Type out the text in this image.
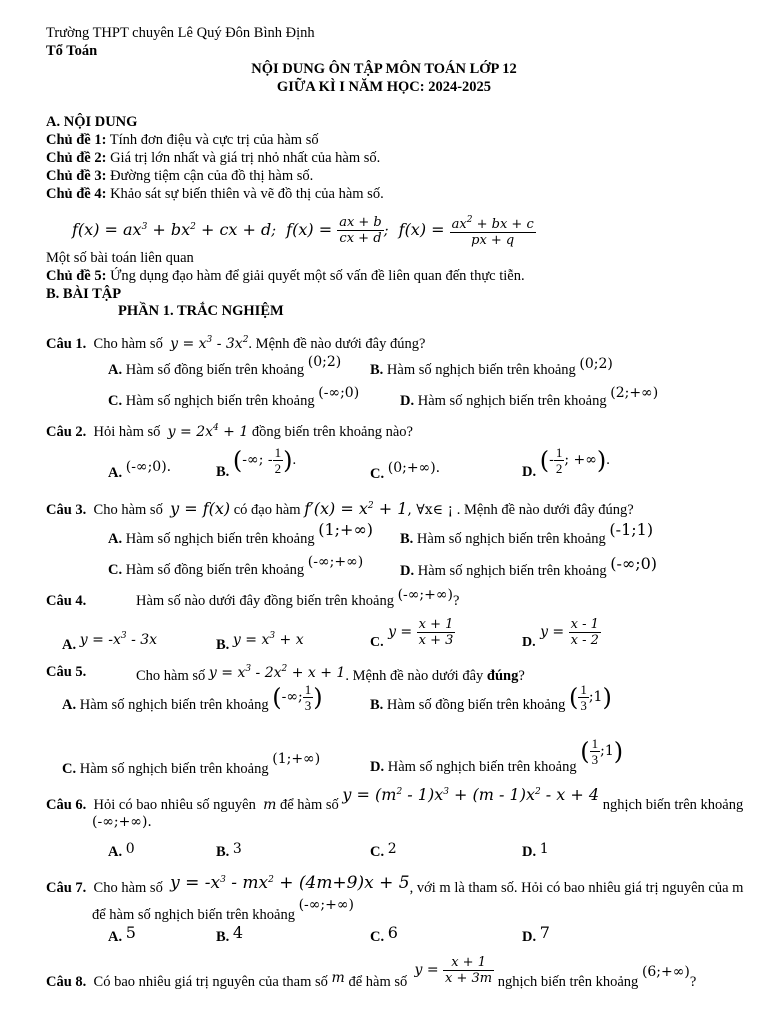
Trường THPT chuyên Lê Quý Đôn Bình Định
Tổ Toán
NỘI DUNG ÔN TẬP MÔN TOÁN LỚP 12
GIỮA KÌ I NĂM HỌC: 2024-2025
A. NỘI DUNG
Chủ đề 1: Tính đơn điệu và cực trị của hàm số
Chủ đề 2: Giá trị lớn nhất và giá trị nhỏ nhất của hàm số.
Chủ đề 3: Đường tiệm cận của đồ thị hàm số.
Chủ đề 4: Khảo sát sự biến thiên và vẽ đồ thị của hàm số.
$f(x) = ax^3 + bx^2$ + cx + d;  $f(x) = \frac{ax + b}{cx + d}$ ;  $f(x) = \frac{ax^2 + bx + c}{px + q}$
Một số bài toán liên quan
Chủ đề 5: Ứng dụng đạo hàm để giải quyết một số vấn đề liên quan đến thực tiễn.
B. BÀI TẬP
PHẦN 1. TRẮC NGHIỆM
Câu 1. Cho hàm số $y = x^3 - 3x^2$. Mệnh đề nào dưới đây đúng?
A. Hàm số đồng biến trên khoảng (0;2) B. Hàm số nghịch biến trên khoảng (0;2)
C. Hàm số nghịch biến trên khoảng (-∞;0)	D. Hàm số nghịch biến trên khoảng (2;+∞)
Câu 2. Hỏi hàm số $y = 2x^4 + 1$ đồng biến trên khoảng nào?
A. (-∞;0).	B. (-∞; - $\frac{1}{2}$ ).
C. (0;+∞).	D. (- $\frac{1}{2}$ ; +∞).
Câu 3. Cho hàm số y = f(x) có đạo hàm $f'(x) = x^2 + 1$, ∀x∈ ¡ . Mệnh đề nào dưới đây đúng?
A. Hàm số nghịch biến trên khoảng (1;+∞) B. Hàm số nghịch biến trên khoảng (-1;1)
C. Hàm số đồng biến trên khoảng (-∞;+∞)
D. Hàm số nghịch biến trên khoảng (-∞;0)
Câu 4.	Hàm số nào dưới đây đồng biến trên khoảng (-∞;+∞)?
A. $y = -x^3 - 3x$	B. $y = x^3 + x$	C. $y = \frac{x + 1}{x + 3}$	D. $y = \frac{x - 1}{x - 2}$
Câu 5.	Cho hàm số $y = x^3 - 2x^2 + x + 1$. Mệnh đề nào dưới đây đúng?
A. Hàm số nghịch biến trên khoảng (-∞; $\frac{1}{3}$ )	B. Hàm số đồng biến trên khoảng ( $\frac{1}{3}$ ;1)
C. Hàm số nghịch biến trên khoảng (1;+∞)	D. Hàm số nghịch biến trên khoảng ( $\frac{1}{3}$ ;1)
Câu 6. Hỏi có bao nhiêu số nguyên m để hàm số $y = (m^2 - 1)x^3 + (m - 1)x^2 - x + 4$ nghịch biến trên khoảng
(-∞;+∞).
A. 0	B. 3	C. 2	D. 1
Câu 7. Cho hàm số $y = -x^3 - mx^2 + (4m+9)x + 5$, với m là tham số. Hỏi có bao nhiêu giá trị nguyên của m
để hàm số nghịch biến trên khoảng (-∞;+∞)
A. 5	B. 4	C. 6	D. 7
Câu 8. Có bao nhiêu giá trị nguyên của tham số m để hàm số  $y = \frac{x + 1}{x + 3m}$ nghịch biến trên khoảng (6;+∞)?
